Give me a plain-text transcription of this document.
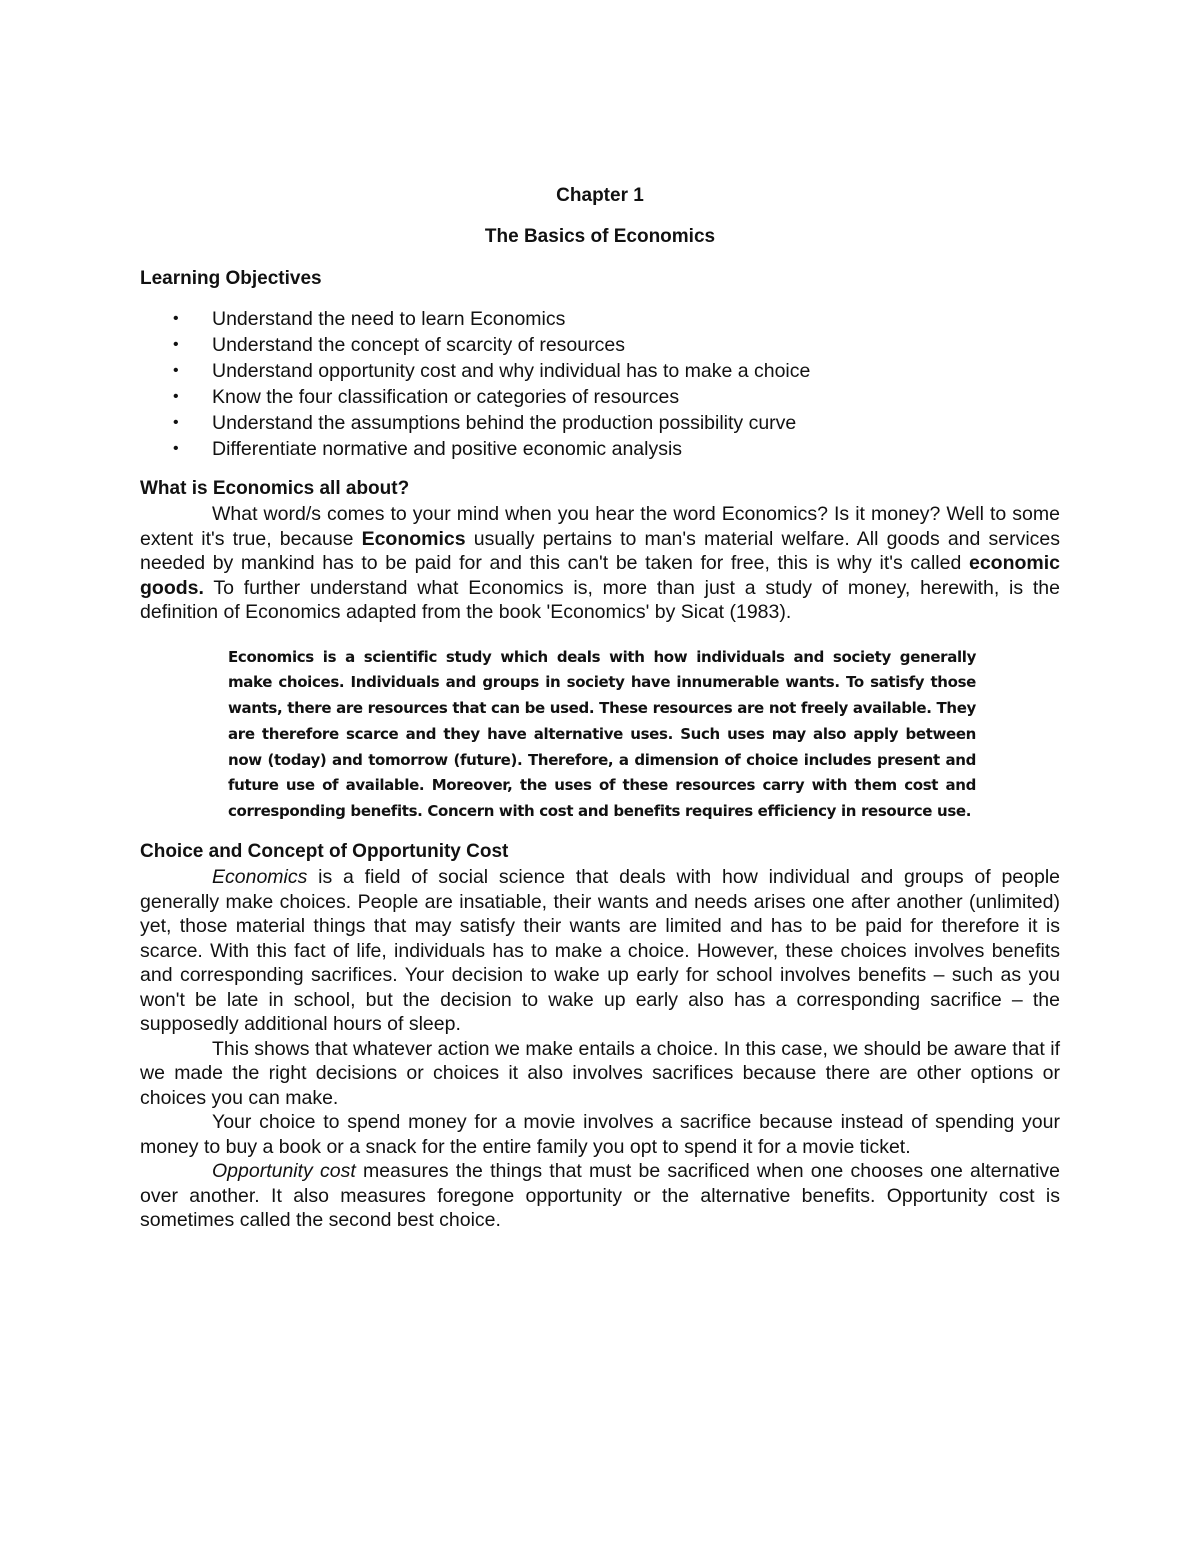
Chapter 1

The Basics of Economics

Learning Objectives

• Understand the need to learn Economics
• Understand the concept of scarcity of resources
• Understand opportunity cost and why individual has to make a choice
• Know the four classification or categories of resources
• Understand the assumptions behind the production possibility curve
• Differentiate normative and positive economic analysis

What is Economics all about?

What word/s comes to your mind when you hear the word Economics? Is it money? Well to some extent it's true, because Economics usually pertains to man's material welfare. All goods and services needed by mankind has to be paid for and this can't be taken for free, this is why it's called economic goods. To further understand what Economics is, more than just a study of money, herewith, is the definition of Economics adapted from the book 'Economics' by Sicat (1983).

Economics is a scientific study which deals with how individuals and society generally make choices. Individuals and groups in society have innumerable wants. To satisfy those wants, there are resources that can be used. These resources are not freely available. They are therefore scarce and they have alternative uses. Such uses may also apply between now (today) and tomorrow (future). Therefore, a dimension of choice includes present and future use of available. Moreover, the uses of these resources carry with them cost and corresponding benefits. Concern with cost and benefits requires efficiency in resource use.

Choice and Concept of Opportunity Cost

Economics is a field of social science that deals with how individual and groups of people generally make choices. People are insatiable, their wants and needs arises one after another (unlimited) yet, those material things that may satisfy their wants are limited and has to be paid for therefore it is scarce. With this fact of life, individuals has to make a choice. However, these choices involves benefits and corresponding sacrifices. Your decision to wake up early for school involves benefits – such as you won't be late in school, but the decision to wake up early also has a corresponding sacrifice – the supposedly additional hours of sleep.

This shows that whatever action we make entails a choice. In this case, we should be aware that if we made the right decisions or choices it also involves sacrifices because there are other options or choices you can make.

Your choice to spend money for a movie involves a sacrifice because instead of spending your money to buy a book or a snack for the entire family you opt to spend it for a movie ticket.

Opportunity cost measures the things that must be sacrificed when one chooses one alternative over another. It also measures foregone opportunity or the alternative benefits. Opportunity cost is sometimes called the second best choice.
